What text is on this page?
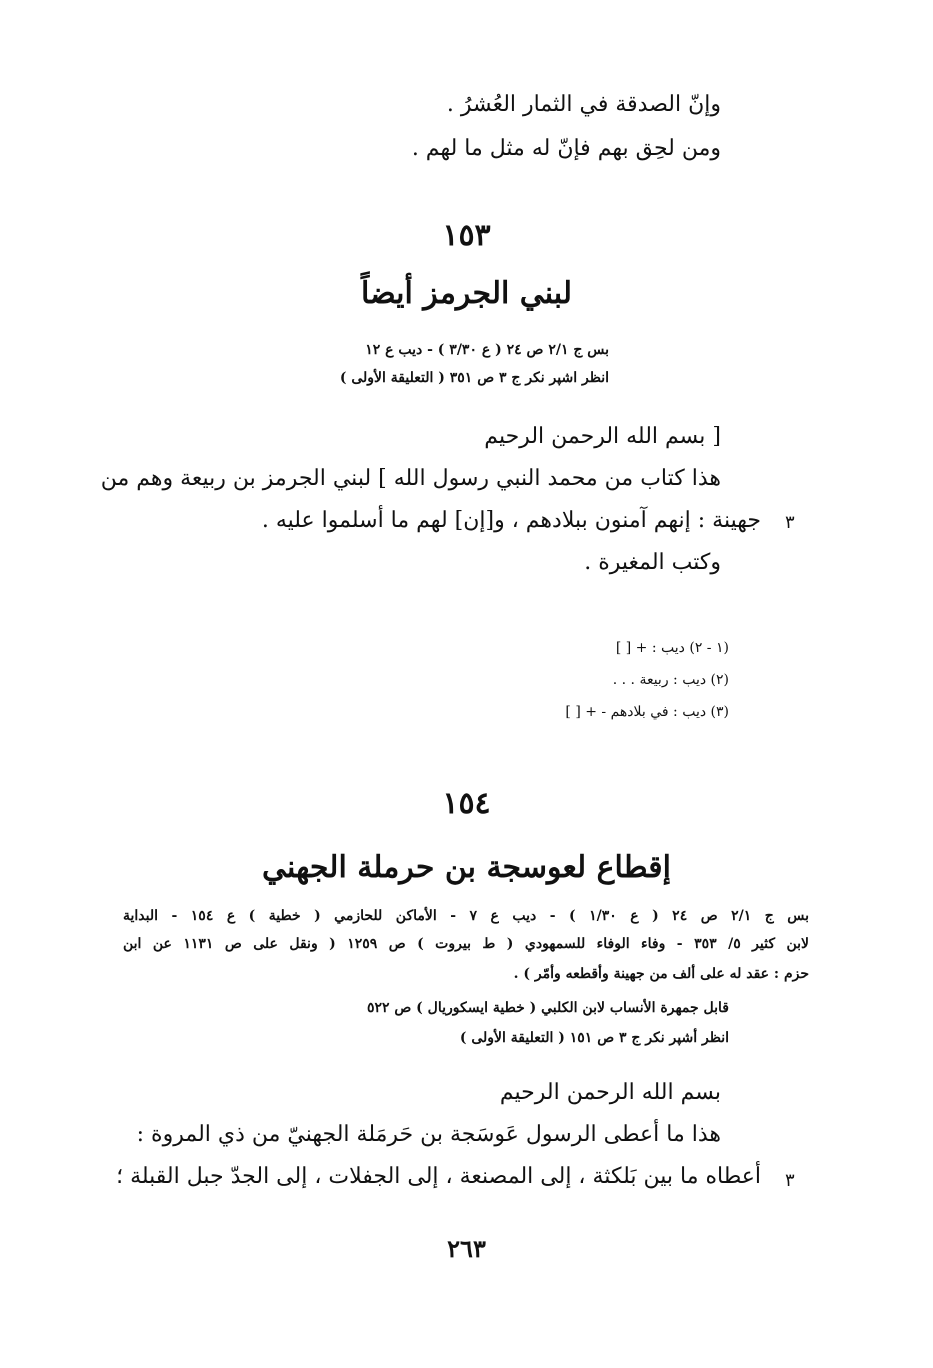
وإنّ الصدقة في الثمار العُشرُ .
ومن لحِق بهم فإنّ له مثل ما لهم .
١٥٣
لبني الجرمز أيضاً
بس ج ٢/١ ص ٢٤ ( ع ٣/٣٠ ) - ديب ع ١٢
انظر اشپر نكر ج ٣ ص ٣٥١ ( التعليقة الأولى )
[ بسم الله الرحمن الرحيم
هذا كتاب من محمد النبي رسول الله ] لبني الجرمز بن ربيعة وهم من
٣
جهينة : إنهم آمنون ببلادهم ، و[إن] لهم ما أسلموا عليه .
وكتب المغيرة .
(١ - ٢) ديب : + [ ]
(٢) ديب : ربيعة . . .
(٣) ديب : في بلادهم - + [ ]
١٥٤
إقطاع لعوسجة بن حرملة الجهني
بس ج ٢/١ ص ٢٤ ( ع ١/٣٠ ) - ديب ع ٧ - الأماكن للحازمي ( خطية ) ع ١٥٤ - البداية
لابن كثير ٥/ ٣٥٣ - وفاء الوفاء للسمهودي ( ط بيروت ) ص ١٢٥٩ ( ونقل على ص ١١٣١ عن ابن
حزم : عقد له على ألف من جهينة وأقطعه وأمّر ) .
قابل جمهرة الأنساب لابن الكلبي ( خطية ايسكوريال ) ص ٥٢٢
انظر أشپر نكر ج ٣ ص ١٥١ ( التعليقة الأولى )
بسم الله الرحمن الرحيم
هذا ما أعطى الرسول عَوسَجة بن حَرمَلة الجهنيّ من ذي المروة :
٣
أعطاه ما بين بَلكثة ، إلى المصنعة ، إلى الجفلات ، إلى الجدّ جبل القبلة ؛
٢٦٣
